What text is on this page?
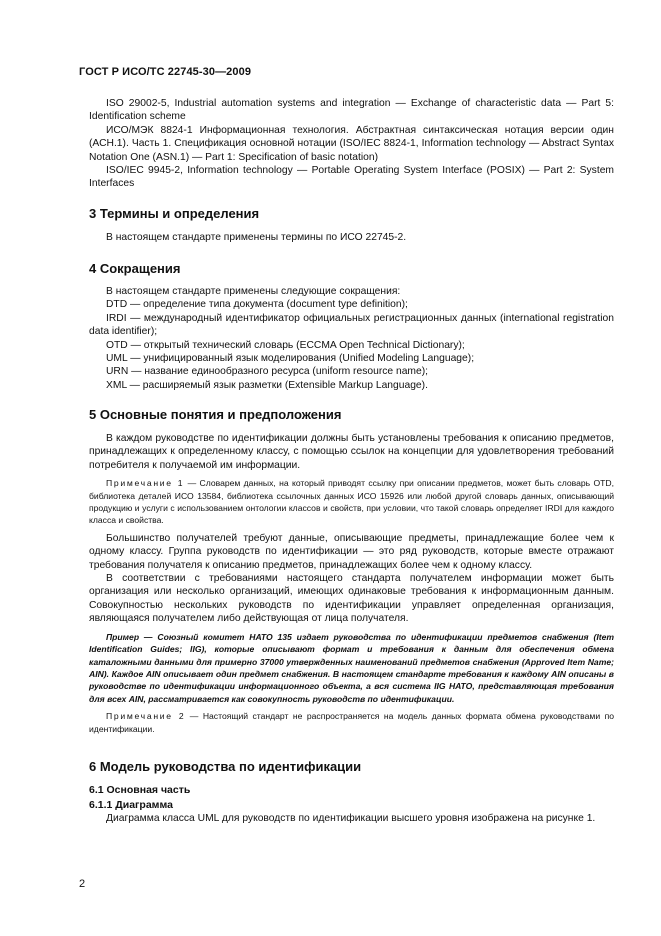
ГОСТ Р ИСО/ТС 22745-30—2009

ISO 29002-5, Industrial automation systems and integration — Exchange of characteristic data — Part 5: Identification scheme

ИСО/МЭК 8824-1 Информационная технология. Абстрактная синтаксическая нотация версии один (АСН.1). Часть 1. Спецификация основной нотации (ISO/IEC 8824-1, Information technology — Abstract Syntax Notation One (ASN.1) — Part 1: Specification of basic notation)

ISO/IEC 9945-2, Information technology — Portable Operating System Interface (POSIX) — Part 2: System Interfaces

3 Термины и определения

В настоящем стандарте применены термины по ИСО 22745-2.

4 Сокращения

В настоящем стандарте применены следующие сокращения:

DTD — определение типа документа (document type definition);

IRDI — международный идентификатор официальных регистрационных данных (international registration data identifier);

OTD — открытый технический словарь (ECCMA Open Technical Dictionary);

UML — унифицированный язык моделирования (Unified Modeling Language);

URN — название единообразного ресурса (uniform resource name);

XML — расширяемый язык разметки (Extensible Markup Language).

5 Основные понятия и предположения

В каждом руководстве по идентификации должны быть установлены требования к описанию предметов, принадлежащих к определенному классу, с помощью ссылок на концепции для удовлетворения требований потребителя к получаемой им информации.

Примечание 1 — Словарем данных, на который приводят ссылку при описании предметов, может быть словарь OTD, библиотека деталей ИСО 13584, библиотека ссылочных данных ИСО 15926 или любой другой словарь данных, описывающий продукцию и услуги с использованием онтологии классов и свойств, при условии, что такой словарь определяет IRDI для каждого класса и свойства.

Большинство получателей требуют данные, описывающие предметы, принадлежащие более чем к одному классу. Группа руководств по идентификации — это ряд руководств, которые вместе отражают требования получателя к описанию предметов, принадлежащих более чем к одному классу.

В соответствии с требованиями настоящего стандарта получателем информации может быть организация или несколько организаций, имеющих одинаковые требования к информационным данным. Совокупностью нескольких руководств по идентификации управляет определенная организация, являющаяся получателем либо действующая от лица получателя.

Пример — Союзный комитет НАТО 135 издает руководства по идентификации предметов снабжения (Item Identification Guides; IIG), которые описывают формат и требования к данным для обеспечения обмена каталожными данными для примерно 37000 утвержденных наименований предметов снабжения (Approved Item Name; AIN). Каждое AIN описывает один предмет снабжения. В настоящем стандарте требования к каждому AIN описаны в руководстве по идентификации информационного объекта, а вся система IIG НАТО, представляющая требования для всех AIN, рассматривается как совокупность руководств по идентификации.

Примечание 2 — Настоящий стандарт не распространяется на модель данных формата обмена руководствами по идентификации.

6 Модель руководства по идентификации

6.1 Основная часть

6.1.1 Диаграмма

Диаграмма класса UML для руководств по идентификации высшего уровня изображена на рисунке 1.

2
